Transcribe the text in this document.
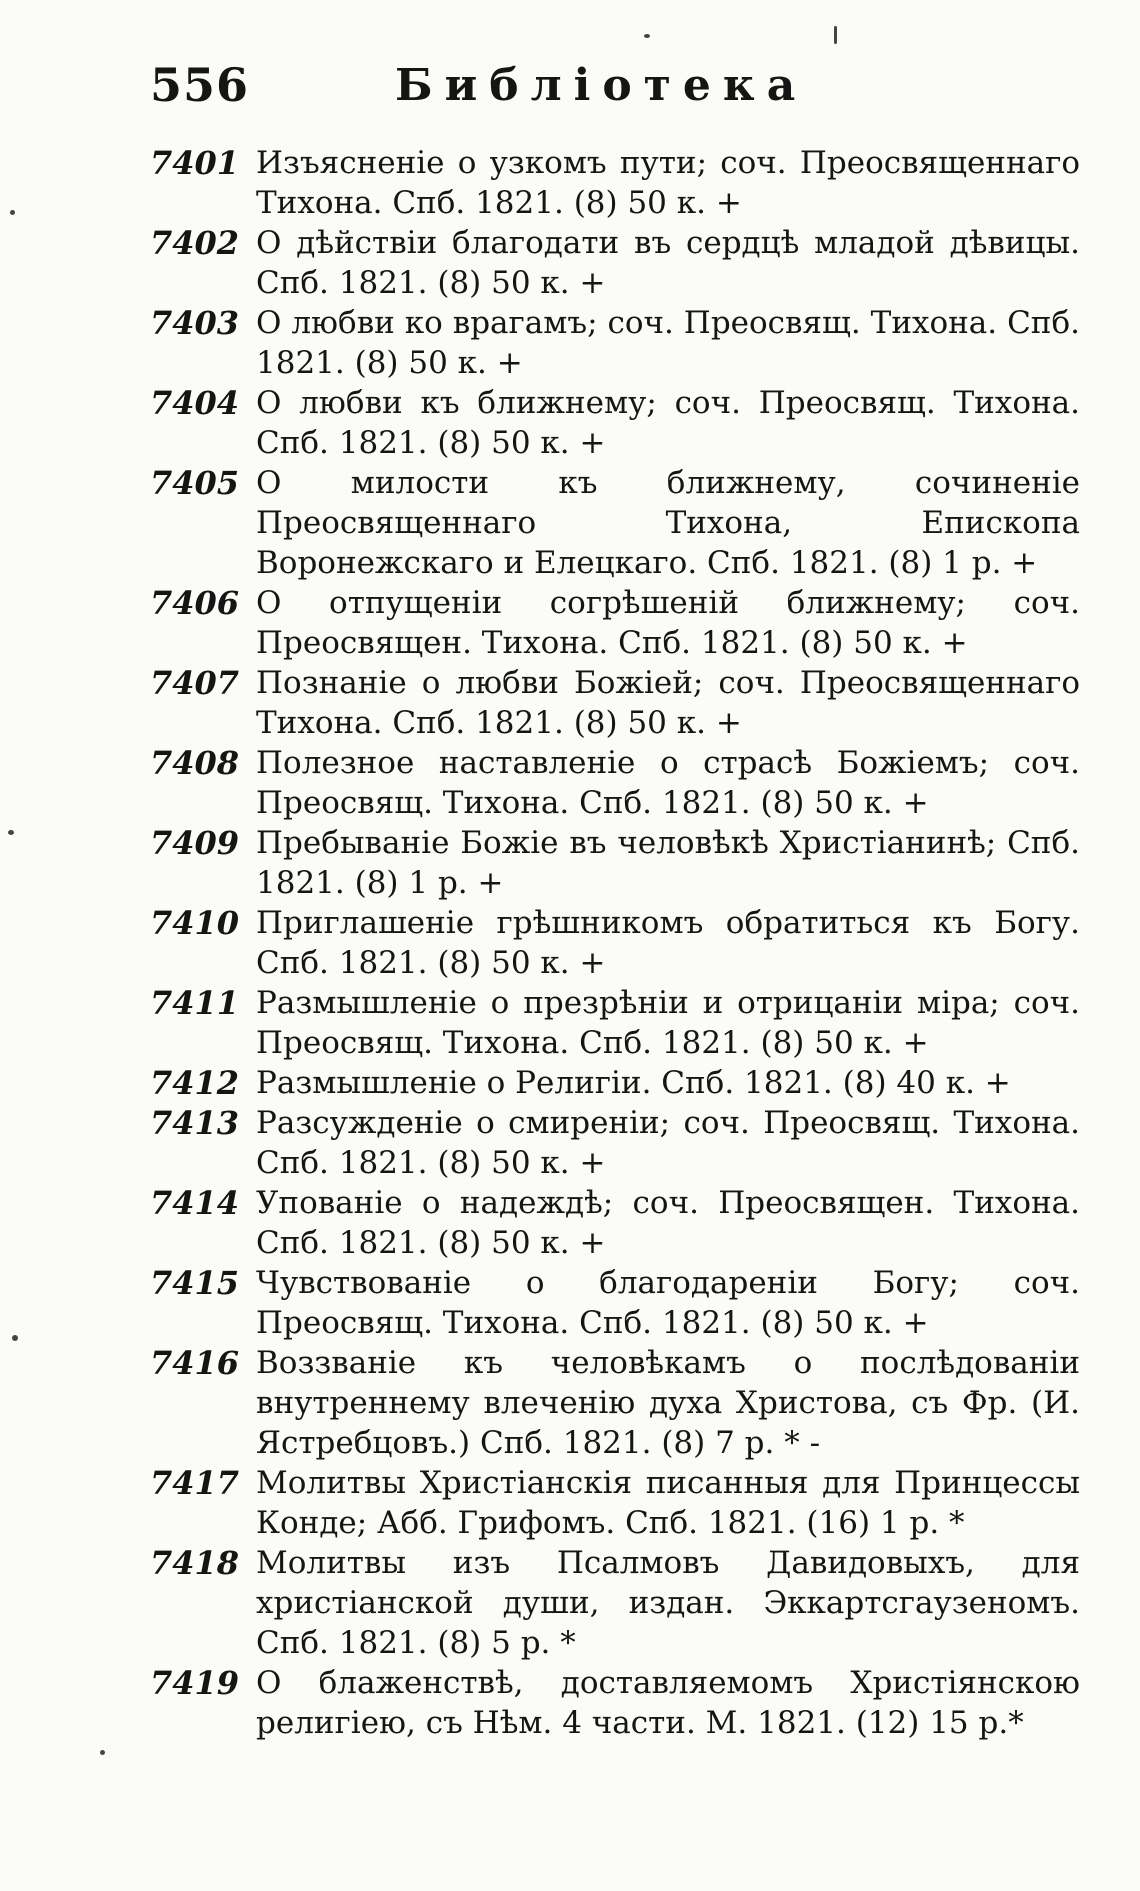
556	Библіотека
7401 Изъясненіе о узкомъ пути; соч. Преосвященнаго Тихона. Спб. 1821. (8) 50 к. +
7402 О дѣйствіи благодати въ сердцѣ младой дѣвицы. Спб. 1821. (8) 50 к. +
7403 О любви ко врагамъ; соч. Преосвящ. Тихона. Спб. 1821. (8) 50 к. +
7404 О любви къ ближнему; соч. Преосвящ. Тихона. Спб. 1821. (8) 50 к. +
7405 О милости къ ближнему, сочиненіе Преосвященнаго Тихона, Епископа Воронежскаго и Елецкаго. Спб. 1821. (8) 1 р. +
7406 О отпущеніи согрѣшеній ближнему; соч. Преосвящен. Тихона. Спб. 1821. (8) 50 к. +
7407 Познаніе о любви Божіей; соч. Преосвященнаго Тихона. Спб. 1821. (8) 50 к. +
7408 Полезное наставленіе о страсѣ Божіемъ; соч. Преосвящ. Тихона. Спб. 1821. (8) 50 к. +
7409 Пребываніе Божіе въ человѣкѣ Христіанинѣ; Спб. 1821. (8) 1 р. +
7410 Приглашеніе грѣшникомъ обратиться къ Богу. Спб. 1821. (8) 50 к. +
7411 Размышленіе о презрѣніи и отрицаніи міра; соч. Преосвящ. Тихона. Спб. 1821. (8) 50 к. +
7412 Размышленіе о Религіи. Спб. 1821. (8) 40 к. +
7413 Разсужденіе о смиреніи; соч. Преосвящ. Тихона. Спб. 1821. (8) 50 к. +
7414 Упованіе о надеждѣ; соч. Преосвящен. Тихона. Спб. 1821. (8) 50 к. +
7415 Чувствованіе о благодареніи Богу; соч. Преосвящ. Тихона. Спб. 1821. (8) 50 к. +
7416 Воззваніе къ человѣкамъ о послѣдованіи внутреннему влеченію духа Христова, съ Фр. (И. Ястребцовъ.) Спб. 1821. (8) 7 р. * -
7417 Молитвы Христіанскія писанныя для Принцессы Конде; Абб. Грифомъ. Спб. 1821. (16) 1 р. *
7418 Молитвы изъ Псалмовъ Давидовыхъ, для христіанской души, издан. Эккартсгаузеномъ. Спб. 1821. (8) 5 р. *
7419 О блаженствѣ, доставляемомъ Христіянскою религіею, съ Нѣм. 4 части. М. 1821. (12) 15 р.*
